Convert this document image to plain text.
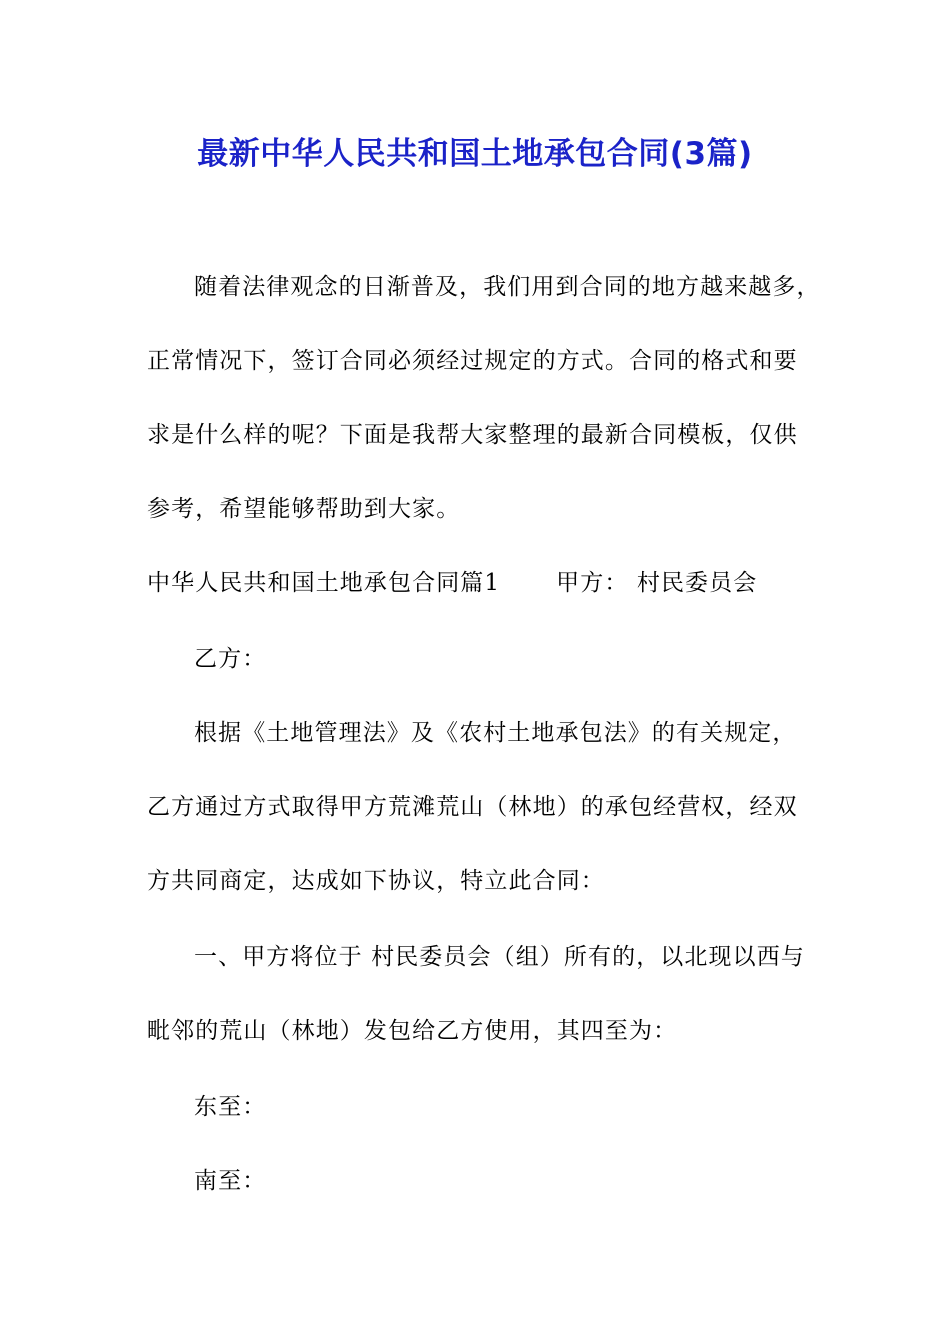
最新中华人民共和国土地承包合同(3篇)
随着法律观念的日渐普及，我们用到合同的地方越来越多，
正常情况下，签订合同必须经过规定的方式。合同的格式和要
求是什么样的呢？下面是我帮大家整理的最新合同模板，仅供
参考，希望能够帮助到大家。
中华人民共和国土地承包合同篇1 甲方： 村民委员会
乙方：
根据《土地管理法》及《农村土地承包法》的有关规定，
乙方通过方式取得甲方荒滩荒山（林地）的承包经营权，经双
方共同商定，达成如下协议，特立此合同：
一、甲方将位于 村民委员会（组）所有的，以北现以西与
毗邻的荒山（林地）发包给乙方使用，其四至为：
东至：
南至：
